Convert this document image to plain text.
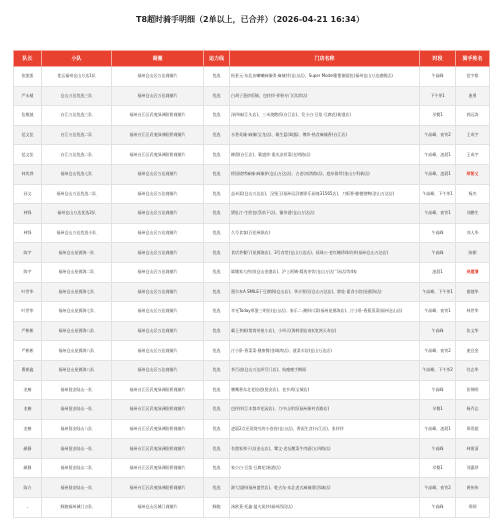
T8超时骑手明细（2单以上，已合并）（2026-04-21 16:34）
队长	小队	商圈	运力线	门店名称	时段	骑手姓名
张凯凯	优运福州仓山万达1队	福州仓山区万达商圈片	优选	杭景元·东北齿喇喇麻辣烫·麻辣拌(仓山店)，Super Model甜甜圈面包(福州仓山万达旗舰店)	午高峰	范宇骐
严永桢	仓山万达优选三队	福州仓山区万达商圈片	优选	白胡子蛋炒饭铺，包拌拌·拌粉专门(宾湾店)	下午茶1	庞勇
危敏驰	台江万达优选三队	福州台江区武夷绿洲阳桥商圈片	优选	泽四味(江头店)、三米烧鹅饭(台江店)、发小白·豆浆·豆腐花(新港店)	早餐1	郭远涛
范文佳	台江万达优选二队	福州台江区武夷绿洲阳桥商圈片	优选	水煮英雄·麻辣(宝龙店)、雄生蓝(喝露)、傅炸·热食麻辣香(台江店)	午高峰，夜宵2	王成宇
范文佳	台江万达优选二队	福州台江区武夷绿洲阳桥商圈片	优选	柳甜(台江店)、籁盛拌·重庆凉拌菜(光明路店)	午高峰，凌晨1	王成宇
林兆烨	福州仓山优选七队	福州仓山区万达商圈片	优选	桥国烧烤麻辣·麻辣拌(仓山万达店)，古老(南湾路店)、庭东排骨(金山万科新店)	午高峰，凌晨1	郑智义
孙文	福州仓山万达优选二队	福州仓山区万达商圈片	优选	益米爱(仓山万达店)，汉堡王(福州远洋德景乐园商31565店)，刀板香·膨德烧鸭(金山万达店)	午高峰，下午茶1	杨杰
林锋	福州仓山万达优选2队	福州仓山区万达商圈片	优选	猪肚汀·生煎包(蔡前下店)、猫茶爸(仓山万达店)	午高峰，夜宵1	刘鹏生
林锋	福州仓山万达优选小队	福州仓山区万达商圈片	优选	久号食客(百花州陨店)	午高峰	刘人华
陈宇	福州仓山星邺海一队	福州仓山区万达商圈片	优选	食话茶餐厅(星邺海店)、3号食堂(仓山万达店)、筷珠公·老红糖珍珠奶茶(福州仓山万达店)	午高峰	陈朝
陈宇	福州仓山星邺海二队	福州仓山区万达商圈片	优选	嫦娥家大药房(仓山金港店)、泸上阿姨·精选茶饮(仓山万达广场店)等4家	凌晨1	吴建清
叶世华	福州仓山星邺海七队	福州仓山区万达商圈片	优选	墨尔本A SMILE干豆腐锅(仓山店)、华丰智民(仓山万达店)、胖娃·素食小院(星邺海店)	午高峰，下午茶1	俞越华
叶世华	福州仓山星邺海七队	福州仓山区万达商圈片	优选	幸光Today厚蛋三明治(仓山店)、家乐二·潮料川菜(福州星邺海店)、汀小卧·香蕉蒸菜(福州仓山店)	午高峰，夜宵1	林世华
严彬彬	福州仓山星邺海八队	福州仓山区万达商圈片	优选	霸王茶姬(塔湾茶屋小店)、小叫天(海鲜酒店南)(宽鸿天寿店)	午高峰	张文华
严彬彬	福州仓山星邺海八队	福州仓山区万达商圈片	优选	汀小卧·香菜菜·健康餐(金域湾店)、菠菜水饺(仓山万达店)	午高峰，夜宵2	庞宜金
曹朝鑫	福州仓山星邺海八队	福州仓山区万达商圈片	优选	茶百道(仓山万达四号门店)、杭瘦瘦手擀面	午高峰，下午茶2	付志华
龙椿	福州贤安陆山一队	福州台江区武夷绿洲阳桥商圈片	优选	嗜嘴香东北老饺道(贤安店)、老乡鸡(宝城店)	午高峰	张锦明
龙椿	福州贤安陆山一队	福州台江区武夷绿洲阳桥商圈片	优选	包拌拌(江木都市花园店)、力中山拌饭(福州新村西路店)	早餐1	杨乔志
龙椿	福州贤安陆山八队	福州台江区武夷绿洲阳桥商圈片	优选	凌晨2点还爱烧鸟的小卷卷(仓山店)、香雨生食(台江店)、张拌拌	午高峰，凌晨1	郑贵超
颜静	福州贤安陆山一队	福州台江区武夷绿洲阳桥商圈片	优选	有甜家和干店(金山店)、鹭文·老坛酸菜牛肉面(五四路店)	午高峰	林建清
颜静	福州贤安陆山二队	福州台江区武夷绿洲阳桥商圈片	优选	家小白·豆浆·豆腐花(新港店)	早餐1	刘惠珍
陈方	福州贤安陆山一队	福州台江区武夷绿洲阳桥商圈片	优选	源大姐粉(福州盛世店)、乾吉东·东北老式麻辣烫(西域店)	午高峰，夜宵2	黄伟伟
-	蜂跑福州城门五队	福州仓山区城门商圈片	蜂跑	汤欧莱·托鑫·猛火炭炒(福州西段店)	午高峰	郑炳
